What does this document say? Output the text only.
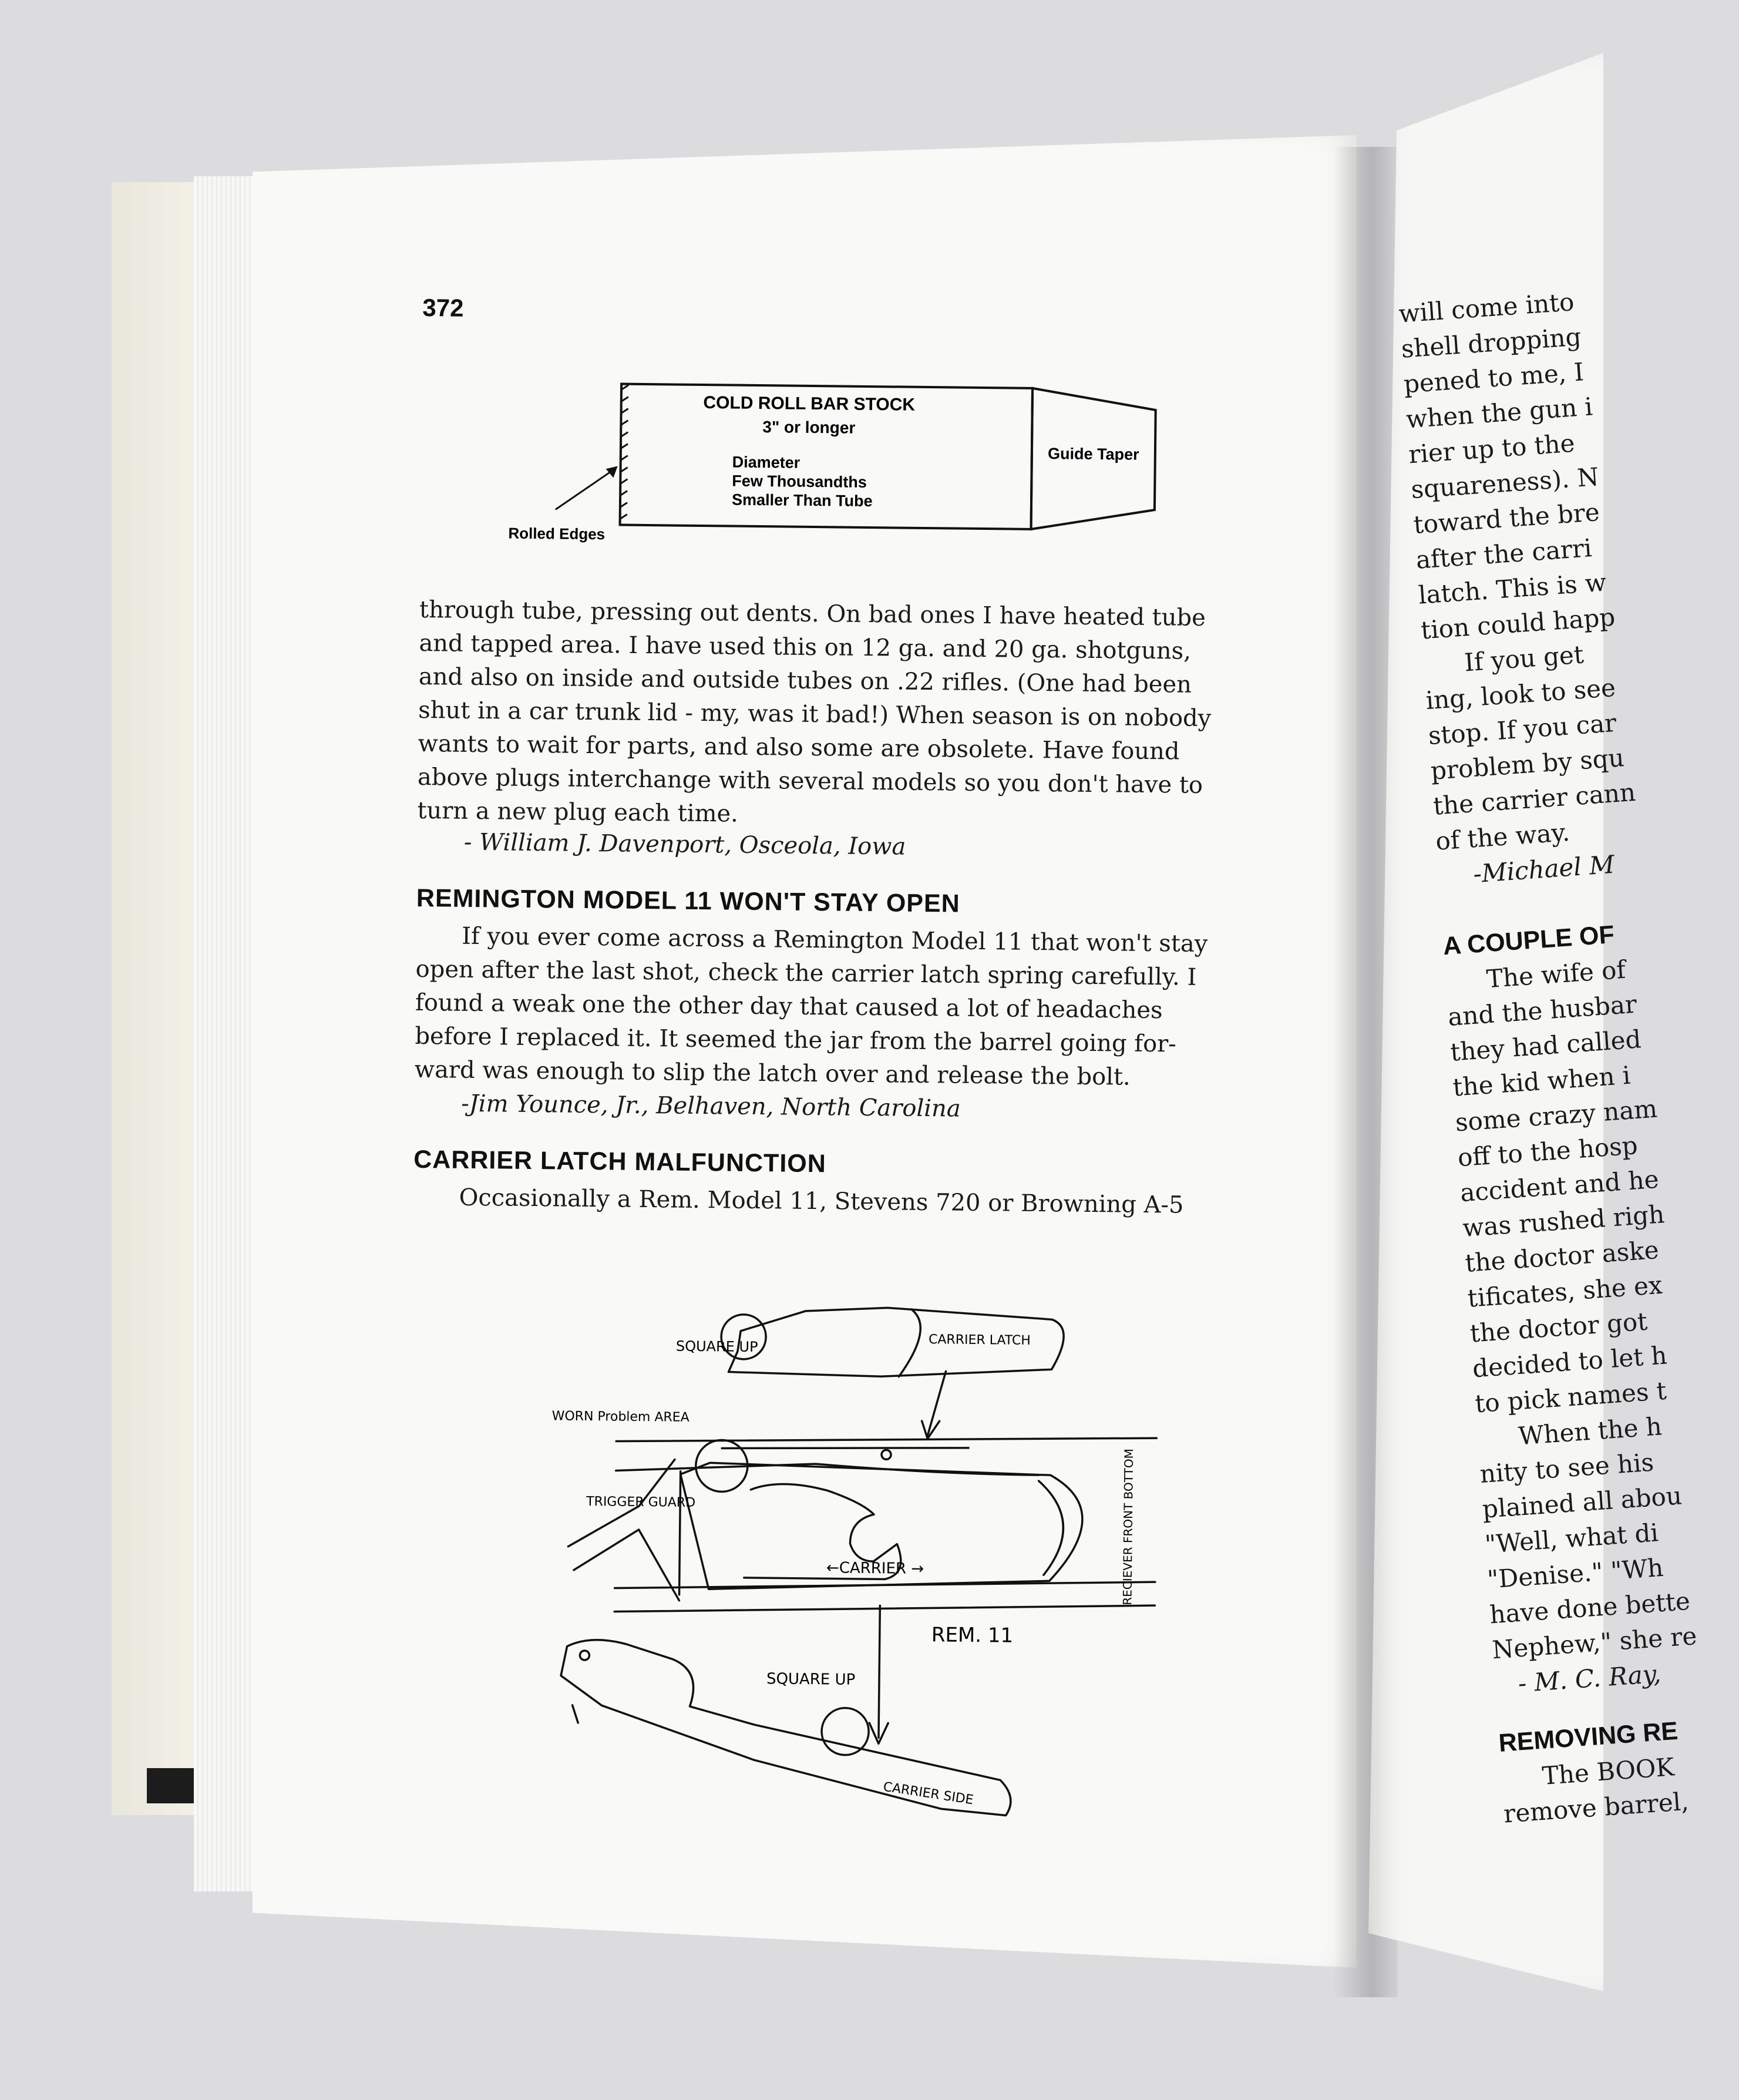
372
COLD ROLL BAR STOCK
3" or longer
Diameter
Few Thousandths
Smaller Than Tube
Guide Taper
Rolled Edges

through tube, pressing out dents. On bad ones I have heated tube

and tapped area. I have used this on 12 ga. and 20 ga. shotguns,

and also on inside and outside tubes on .22 rifles. (One had been

shut in a car trunk lid - my, was it bad!) When season is on nobody

wants to wait for parts, and also some are obsolete. Have found

above plugs interchange with several models so you don't have to

turn a new plug each time.

- William J. Davenport, Osceola, Iowa
REMINGTON MODEL 11 WON'T STAY OPEN

If you ever come across a Remington Model 11 that won't stay

open after the last shot, check the carrier latch spring carefully. I

found a weak one the other day that caused a lot of headaches

before I replaced it. It seemed the jar from the barrel going for-

ward was enough to slip the latch over and release the bolt.

-Jim Younce, Jr., Belhaven, North Carolina
CARRIER LATCH MALFUNCTION

Occasionally a Rem. Model 11, Stevens 720 or Browning A-5

SQUARE UP	CARRIER LATCH
WORN Problem AREA
TRIGGER GUARD
←CARRIER →	RECIEVER FRONT BOTTOM
REM. 11
SQUARE UP
CARRIER SIDE
will come into
shell dropping
pened to me, I
when the gun i
rier up to the
squareness). N
toward the bre
after the carri
latch. This is w
tion could happ
If you get
ing, look to see
stop. If you car
problem by squ
the carrier cann
of the way.
-Michael M
A COUPLE OF
The wife of
and the husbar
they had called
the kid when i
some crazy nam
off to the hosp
accident and he
was rushed righ
the doctor aske
tificates, she ex
the doctor got
decided to let h
to pick names t
When the h
nity to see his
plained all abou
"Well, what di
"Denise." "Wh
have done bette
Nephew," she re
- M. C. Ray,
REMOVING RE
The BOOK
remove barrel,
